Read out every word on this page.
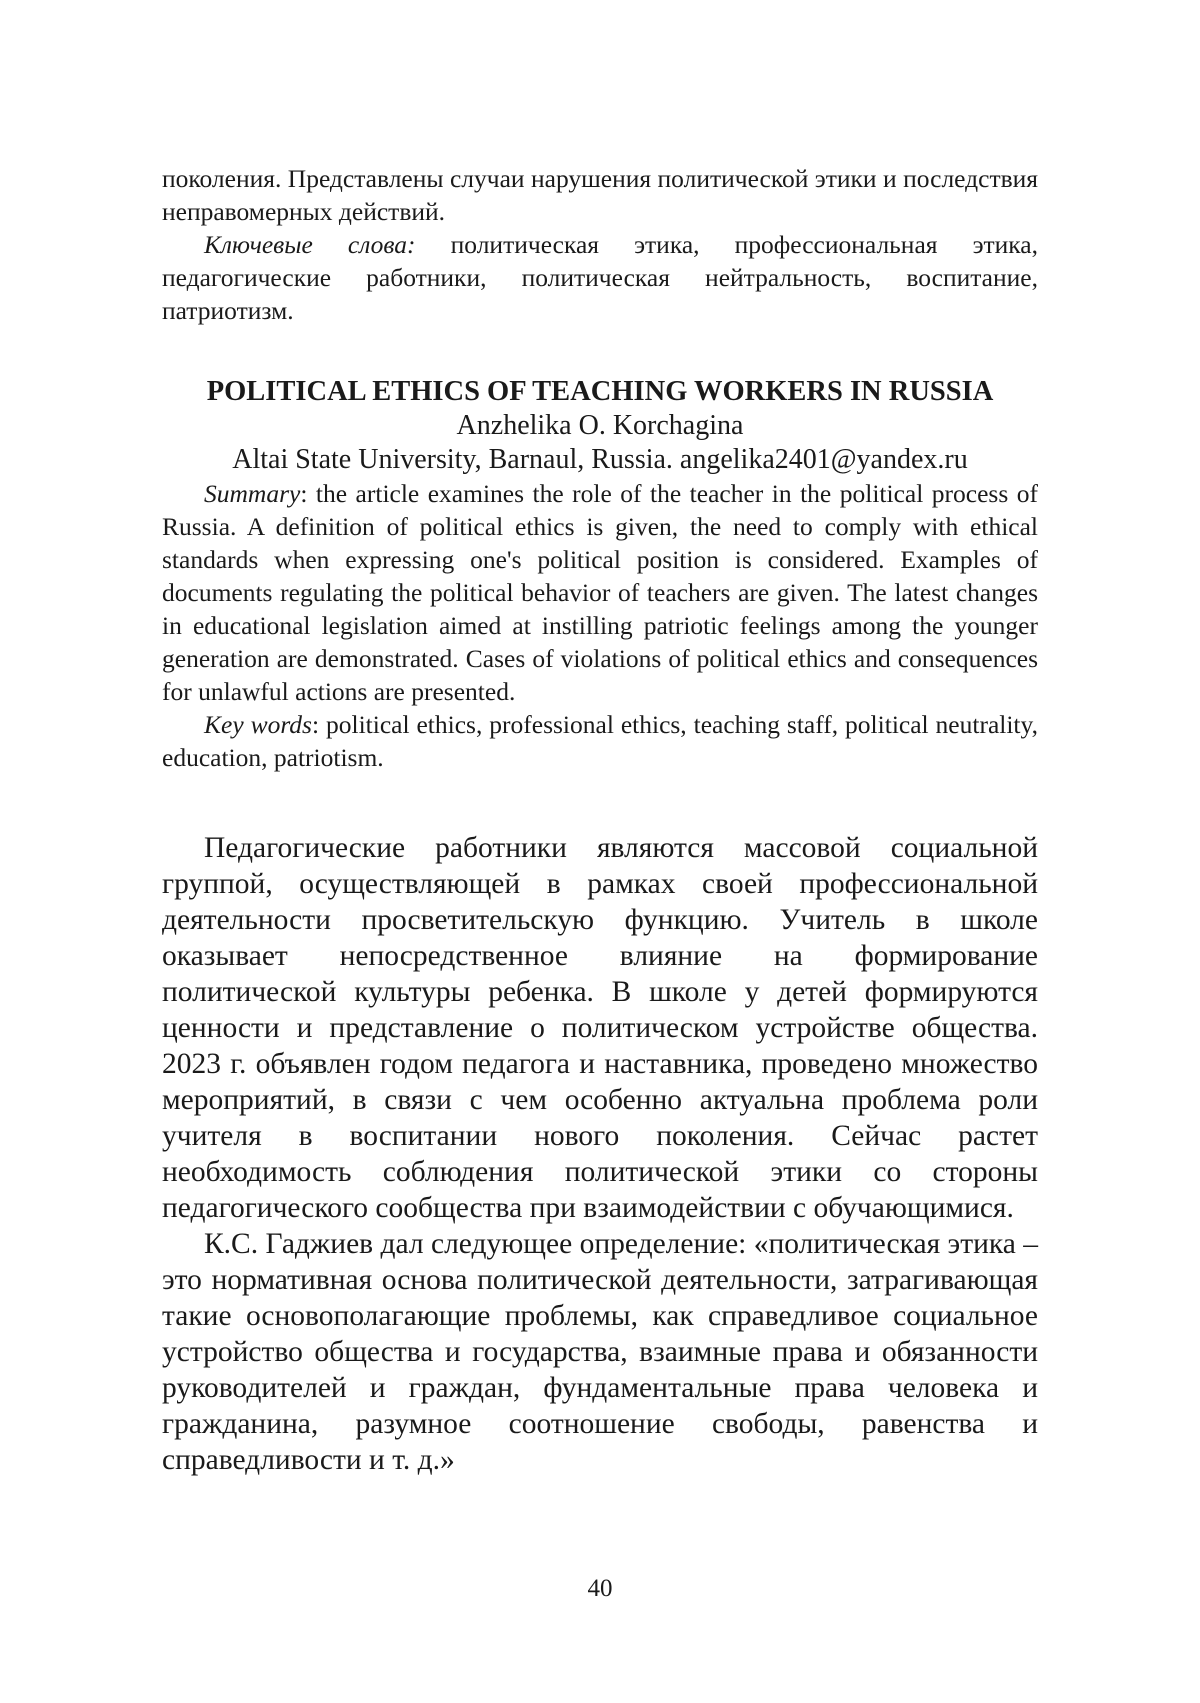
поколения. Представлены случаи нарушения политической этики и последствия неправомерных действий.

Ключевые слова: политическая этика, профессиональная этика, педагогические работники, политическая нейтральность, воспитание, патриотизм.

POLITICAL ETHICS OF TEACHING WORKERS IN RUSSIA
Anzhelika O. Korchagina
Altai State University, Barnaul, Russia. angelika2401@yandex.ru

Summary: the article examines the role of the teacher in the political process of Russia. A definition of political ethics is given, the need to comply with ethical standards when expressing one's political position is considered. Examples of documents regulating the political behavior of teachers are given. The latest changes in educational legislation aimed at instilling patriotic feelings among the younger generation are demonstrated. Cases of violations of political ethics and consequences for unlawful actions are presented.

Key words: political ethics, professional ethics, teaching staff, political neutrality, education, patriotism.

Педагогические работники являются массовой социальной группой, осуществляющей в рамках своей профессиональной деятельности просветительскую функцию. Учитель в школе оказывает непосредственное влияние на формирование политической культуры ребенка. В школе у детей формируются ценности и представление о политическом устройстве общества. 2023 г. объявлен годом педагога и наставника, проведено множество мероприятий, в связи с чем особенно актуальна проблема роли учителя в воспитании нового поколения. Сейчас растет необходимость соблюдения политической этики со стороны педагогического сообщества при взаимодействии с обучающимися.

К.С. Гаджиев дал следующее определение: «политическая этика – это нормативная основа политической деятельности, затрагивающая такие основополагающие проблемы, как справедливое социальное устройство общества и государства, взаимные права и обязанности руководителей и граждан, фундаментальные права человека и гражданина, разумное соотношение свободы, равенства и справедливости и т. д.»

40
